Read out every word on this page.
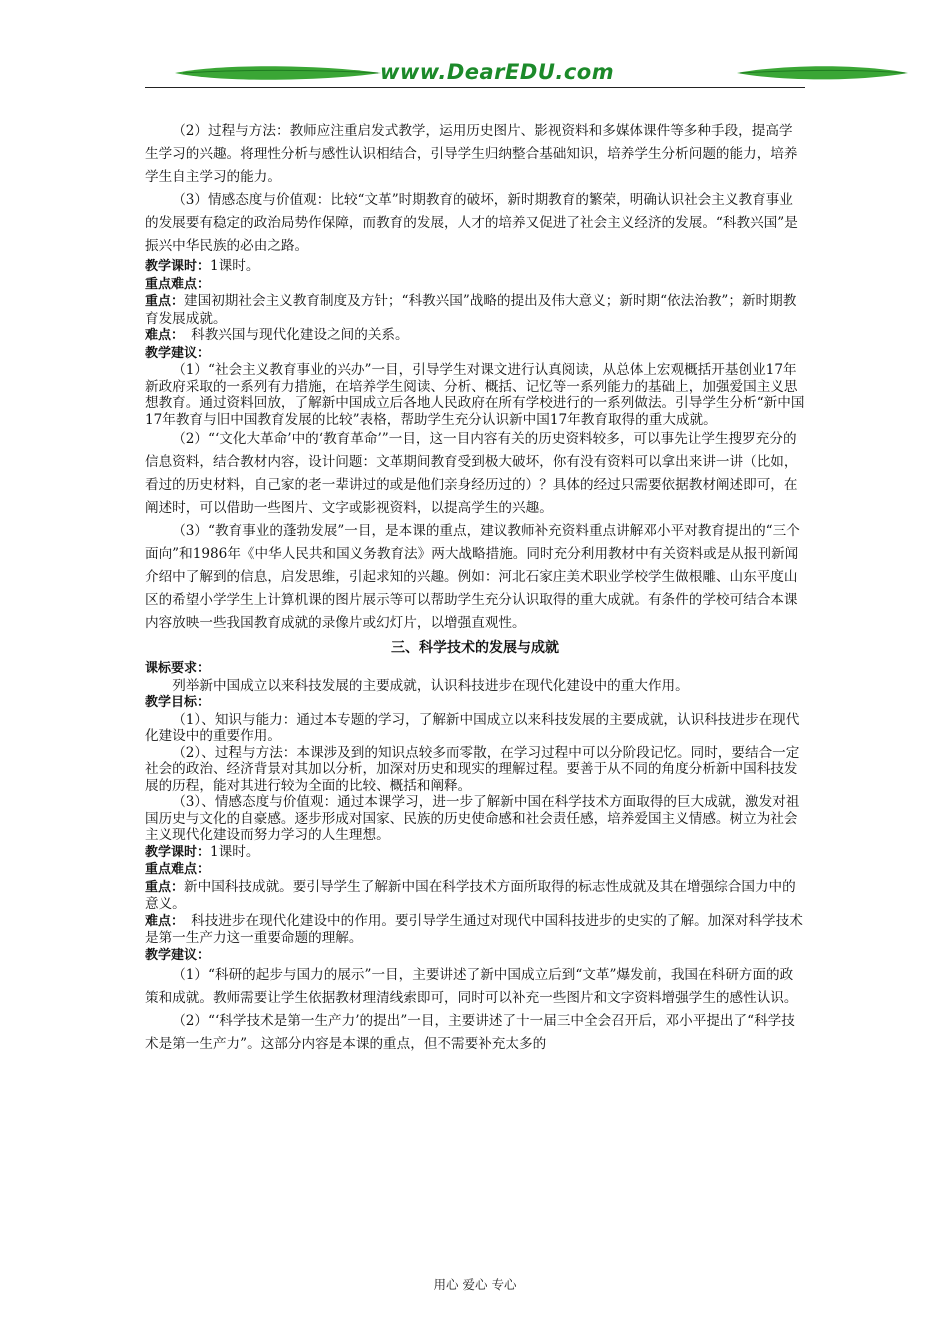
www.DearEDU.com

（2）过程与方法：教师应注重启发式教学，运用历史图片、影视资料和多媒体课件等多种手段，提高学生学习的兴趣。将理性分析与感性认识相结合，引导学生归纳整合基础知识，培养学生分析问题的能力，培养学生自主学习的能力。

（3）情感态度与价值观：比较“文革”时期教育的破坏，新时期教育的繁荣，明确认识社会主义教育事业的发展要有稳定的政治局势作保障，而教育的发展，人才的培养又促进了社会主义经济的发展。“科教兴国”是振兴中华民族的必由之路。

教学课时：1课时。

重点难点：

重点：建国初期社会主义教育制度及方针；“科教兴国”战略的提出及伟大意义；新时期“依法治教”；新时期教育发展成就。

难点：　科教兴国与现代化建设之间的关系。

教学建议：

（1）“社会主义教育事业的兴办”一目，引导学生对课文进行认真阅读，从总体上宏观概括开基创业17年新政府采取的一系列有力措施，在培养学生阅读、分析、概括、记忆等一系列能力的基础上，加强爱国主义思想教育。通过资料回放，了解新中国成立后各地人民政府在所有学校进行的一系列做法。引导学生分析“新中国17年教育与旧中国教育发展的比较”表格，帮助学生充分认识新中国17年教育取得的重大成就。

（2）“‘文化大革命’中的‘教育革命’”一目，这一目内容有关的历史资料较多，可以事先让学生搜罗充分的信息资料，结合教材内容，设计问题：文革期间教育受到极大破坏，你有没有资料可以拿出来讲一讲（比如，看过的历史材料，自己家的老一辈讲过的或是他们亲身经历过的）？具体的经过只需要依据教材阐述即可，在阐述时，可以借助一些图片、文字或影视资料，以提高学生的兴趣。

（3）“教育事业的蓬勃发展”一目，是本课的重点，建议教师补充资料重点讲解邓小平对教育提出的“三个面向”和1986年《中华人民共和国义务教育法》两大战略措施。同时充分利用教材中有关资料或是从报刊新闻介绍中了解到的信息，启发思维，引起求知的兴趣。例如：河北石家庄美术职业学校学生做根雕、山东平度山区的希望小学学生上计算机课的图片展示等可以帮助学生充分认识取得的重大成就。有条件的学校可结合本课内容放映一些我国教育成就的录像片或幻灯片，以增强直观性。

三、科学技术的发展与成就

课标要求：

列举新中国成立以来科技发展的主要成就，认识科技进步在现代化建设中的重大作用。

教学目标：

（1）、知识与能力：通过本专题的学习，了解新中国成立以来科技发展的主要成就，认识科技进步在现代化建设中的重要作用。

（2）、过程与方法：本课涉及到的知识点较多而零散，在学习过程中可以分阶段记忆。同时，要结合一定社会的政治、经济背景对其加以分析，加深对历史和现实的理解过程。要善于从不同的角度分析新中国科技发展的历程，能对其进行较为全面的比较、概括和阐释。

（3）、情感态度与价值观：通过本课学习，进一步了解新中国在科学技术方面取得的巨大成就，激发对祖国历史与文化的自豪感。逐步形成对国家、民族的历史使命感和社会责任感，培养爱国主义情感。树立为社会主义现代化建设而努力学习的人生理想。

教学课时：1课时。

重点难点：

重点：新中国科技成就。要引导学生了解新中国在科学技术方面所取得的标志性成就及其在增强综合国力中的意义。

难点：　科技进步在现代化建设中的作用。要引导学生通过对现代中国科技进步的史实的了解。加深对科学技术是第一生产力这一重要命题的理解。

教学建议：

（1）“科研的起步与国力的展示”一目，主要讲述了新中国成立后到“文革”爆发前，我国在科研方面的政策和成就。教师需要让学生依据教材理清线索即可，同时可以补充一些图片和文字资料增强学生的感性认识。

（2）“‘科学技术是第一生产力’的提出”一目，主要讲述了十一届三中全会召开后，邓小平提出了“科学技术是第一生产力”。这部分内容是本课的重点，但不需要补充太多的

用心 爱心 专心
